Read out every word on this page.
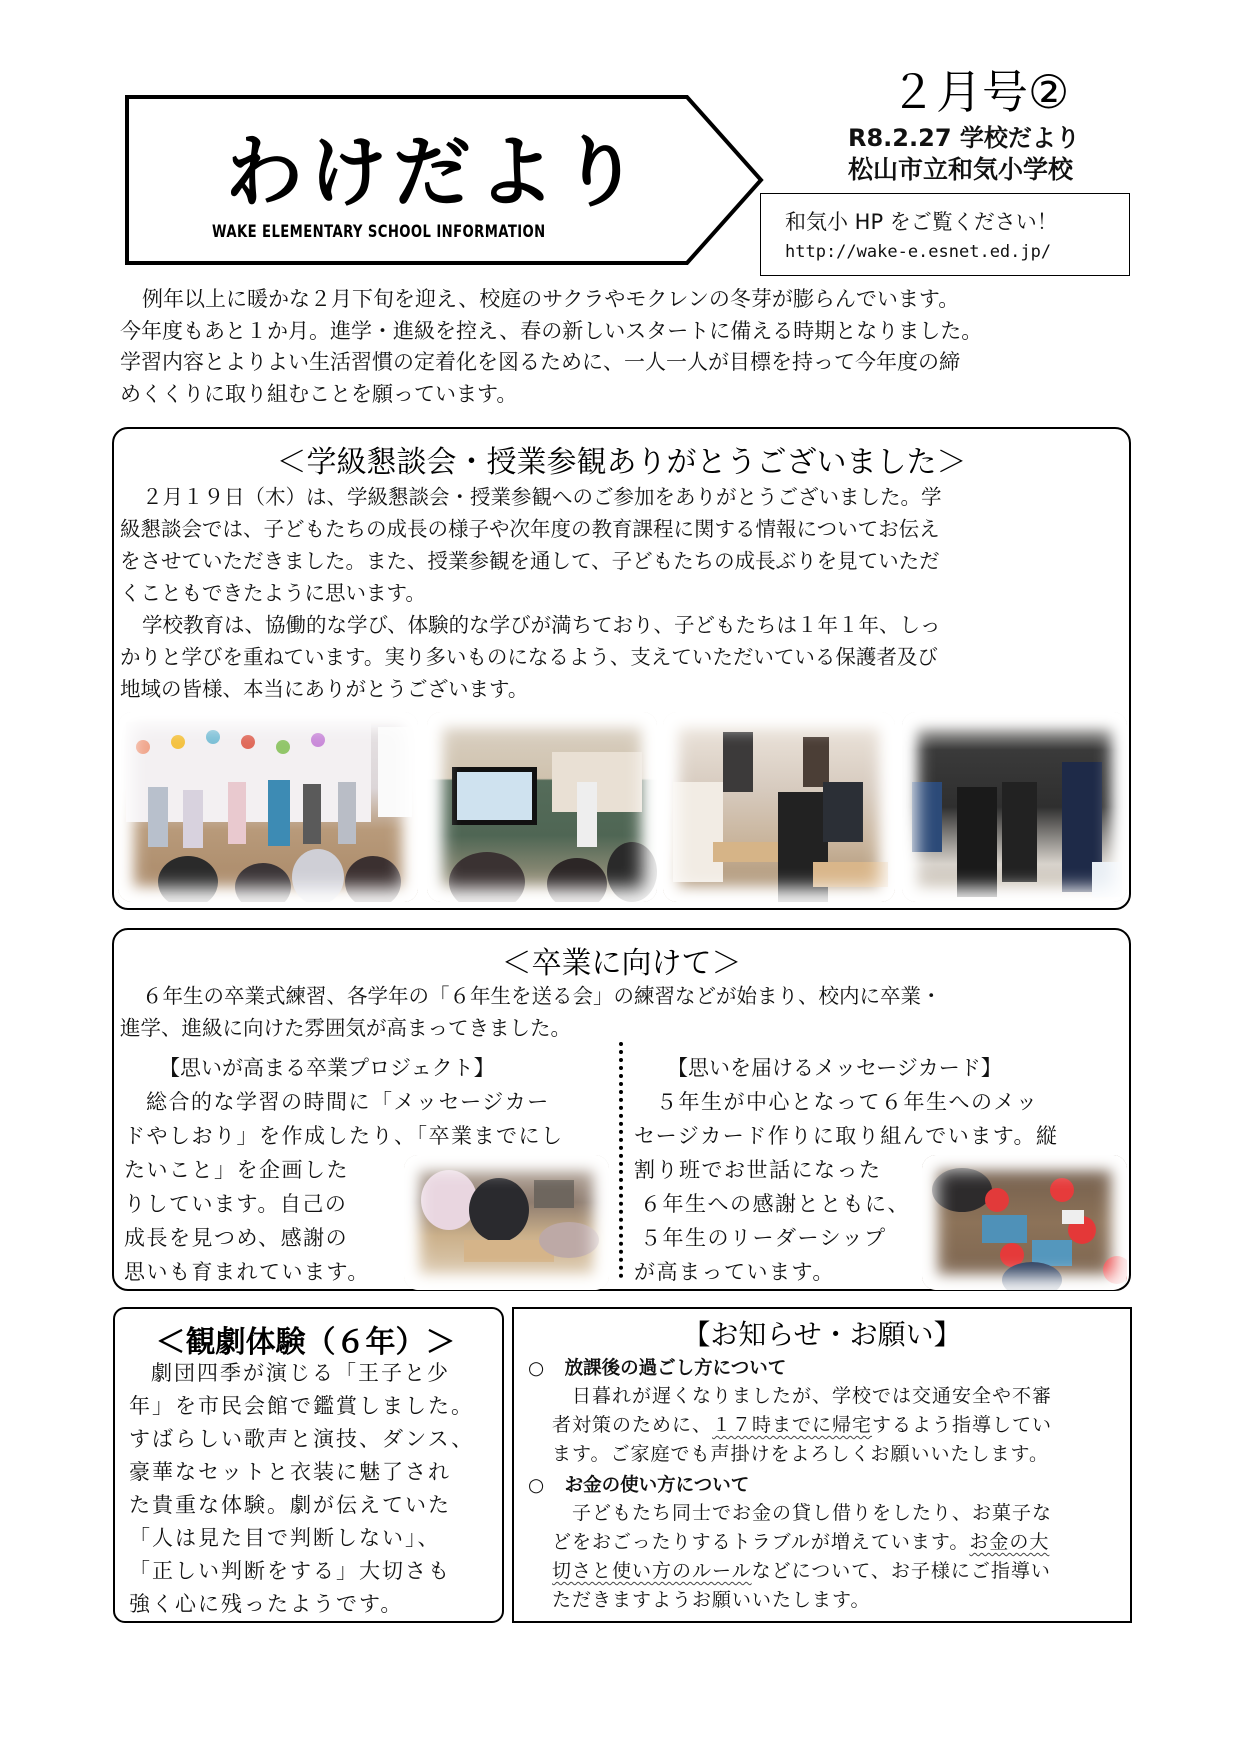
わけだより
WAKE ELEMENTARY SCHOOL INFORMATION
２月号②
R8.2.27 学校だより
松山市立和気小学校
和気小 HP をご覧ください！
http://wake-e.esnet.ed.jp/
例年以上に暖かな２月下旬を迎え、校庭のサクラやモクレンの冬芽が膨らんでいます。
今年度もあと１か月。進学・進級を控え、春の新しいスタートに備える時期となりました。
学習内容とよりよい生活習慣の定着化を図るために、一人一人が目標を持って今年度の締
めくくりに取り組むことを願っています。
＜学級懇談会・授業参観ありがとうございました＞
２月１９日（木）は、学級懇談会・授業参観へのご参加をありがとうございました。学
級懇談会では、子どもたちの成長の様子や次年度の教育課程に関する情報についてお伝え
をさせていただきました。また、授業参観を通して、子どもたちの成長ぶりを見ていただ
くこともできたように思います。
学校教育は、協働的な学び、体験的な学びが満ちており、子どもたちは１年１年、しっ
かりと学びを重ねています。実り多いものになるよう、支えていただいている保護者及び
地域の皆様、本当にありがとうございます。
＜卒業に向けて＞
６年生の卒業式練習、各学年の「６年生を送る会」の練習などが始まり、校内に卒業・
進学、進級に向けた雰囲気が高まってきました。
【思いが高まる卒業プロジェクト】
総合的な学習の時間に「メッセージカー
ドやしおり」を作成したり、「卒業までにし
たいこと」を企画した
りしています。自己の
成長を見つめ、感謝の
思いも育まれています。
【思いを届けるメッセージカード】
５年生が中心となって６年生へのメッ
セージカード作りに取り組んでいます。縦
割り班でお世話になった
６年生への感謝とともに、
５年生のリーダーシップ
が高まっています。
＜観劇体験（６年）＞
劇団四季が演じる「王子と少
年」を市民会館で鑑賞しました。
すばらしい歌声と演技、ダンス、
豪華なセットと衣装に魅了され
た貴重な体験。劇が伝えていた
「人は見た目で判断しない」、
「正しい判断をする」大切さも
強く心に残ったようです。
【お知らせ・お願い】
○ 放課後の過ごし方について
日暮れが遅くなりましたが、学校では交通安全や不審
者対策のために、１７時までに帰宅するよう指導してい
ます。ご家庭でも声掛けをよろしくお願いいたします。
○ お金の使い方について
子どもたち同士でお金の貸し借りをしたり、お菓子な
どをおごったりするトラブルが増えています。お金の大
切さと使い方のルールなどについて、お子様にご指導い
ただきますようお願いいたします。
